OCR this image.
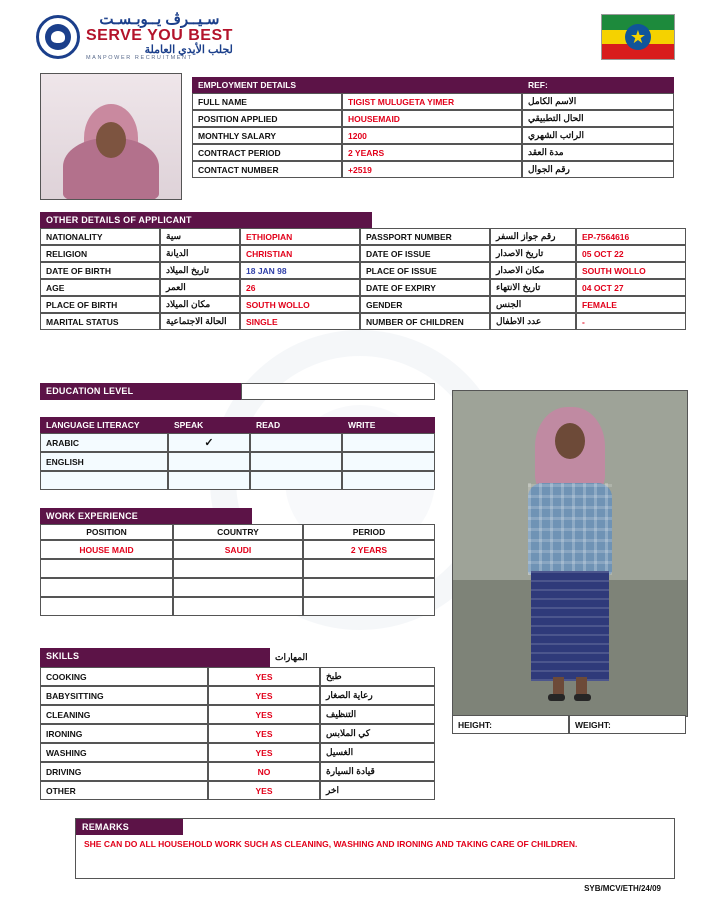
سـيــرڤ يــوبـسـت
SERVE YOU BEST
لجلب الأيدي العاملة
MANPOWER RECRUITMENT
★
EMPLOYMENT DETAILS	REF:
FULL NAME	TIGIST MULUGETA YIMER	الاسم الكامل
POSITION APPLIED	HOUSEMAID	الحال التطبيقي
MONTHLY SALARY	1200	الراتب الشهري
CONTRACT PERIOD	2 YEARS	مدة العقد
CONTACT NUMBER	+2519	رقم الجوال
OTHER DETAILS OF APPLICANT
NATIONALITY	سية	ETHIOPIAN	PASSPORT NUMBER	رقم جواز السفر	EP-7564616
RELIGION	الديانة	CHRISTIAN	DATE OF ISSUE	تاريخ الاصدار	05 OCT 22
DATE OF BIRTH	تاريخ الميلاد	18 JAN 98	PLACE OF ISSUE	مكان الاصدار	SOUTH WOLLO
AGE	العمر	26	DATE OF EXPIRY	تاريخ الانتهاء	04 OCT 27
PLACE OF BIRTH	مكان الميلاد	SOUTH WOLLO	GENDER	الجنس	FEMALE
MARITAL STATUS	الحالة الاجتماعية	SINGLE	NUMBER OF CHILDREN	عدد الاطفال	-
EDUCATION LEVEL
LANGUAGE LITERACY	SPEAK	READ	WRITE
ARABIC	✓
ENGLISH
WORK EXPERIENCE
POSITION	COUNTRY	PERIOD
HOUSE MAID	SAUDI	2 YEARS
SKILLS	المهارات
COOKING	YES	طبخ
BABYSITTING	YES	رعاية الصغار
CLEANING	YES	التنظيف
IRONING	YES	كي الملابس
WASHING	YES	الغسيل
DRIVING	NO	قيادة السيارة
OTHER	YES	اخر
HEIGHT:	WEIGHT:
REMARKS
SHE CAN DO ALL HOUSEHOLD WORK SUCH AS CLEANING, WASHING AND IRONING AND TAKING CARE OF CHILDREN.
SYB/MCV/ETH/24/09
